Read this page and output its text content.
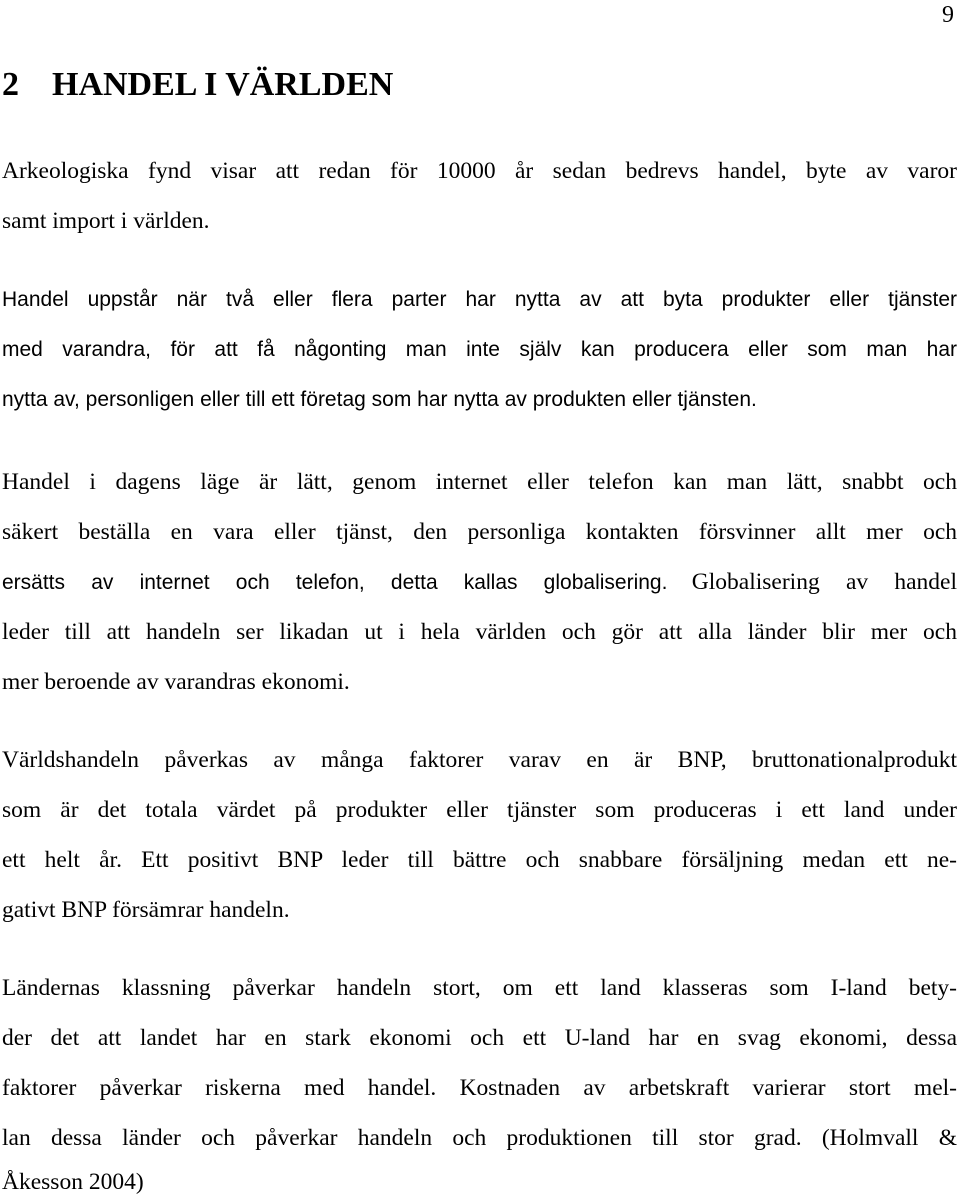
9
2 HANDEL I VÄRLDEN
Arkeologiska fynd visar att redan för 10000 år sedan bedrevs handel, byte av varor
samt import i världen.
Handel uppstår när två eller flera parter har nytta av att byta produkter eller tjänster
med varandra, för att få någonting man inte själv kan producera eller som man har
nytta av, personligen eller till ett företag som har nytta av produkten eller tjänsten.
Handel i dagens läge är lätt, genom internet eller telefon kan man lätt, snabbt och
säkert beställa en vara eller tjänst, den personliga kontakten försvinner allt mer och
ersätts av internet och telefon, detta kallas globalisering. Globalisering av handel
leder till att handeln ser likadan ut i hela världen och gör att alla länder blir mer och
mer beroende av varandras ekonomi.
Världshandeln påverkas av många faktorer varav en är BNP, bruttonationalprodukt
som är det totala värdet på produkter eller tjänster som produceras i ett land under
ett helt år. Ett positivt BNP leder till bättre och snabbare försäljning medan ett ne-
gativt BNP försämrar handeln.
Ländernas klassning påverkar handeln stort, om ett land klasseras som I-land bety-
der det att landet har en stark ekonomi och ett U-land har en svag ekonomi, dessa
faktorer påverkar riskerna med handel. Kostnaden av arbetskraft varierar stort mel-
lan dessa länder och påverkar handeln och produktionen till stor grad. (Holmvall &
Åkesson 2004)
